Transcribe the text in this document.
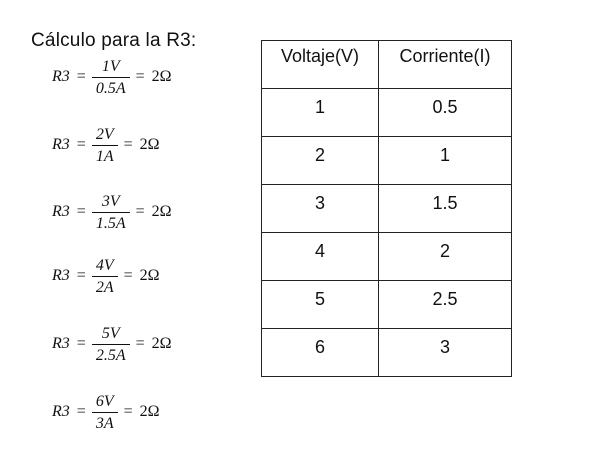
Cálculo para la R3:
$R3 = \frac{1V}{0.5A} = 2\Omega$
$R3 = \frac{2V}{1A} = 2\Omega$
$R3 = \frac{3V}{1.5A} = 2\Omega$
$R3 = \frac{4V}{2A} = 2\Omega$
$R3 = \frac{5V}{2.5A} = 2\Omega$
$R3 = \frac{6V}{3A} = 2\Omega$
Voltaje(V)	Corriente(I)
1	0.5
2	1
3	1.5
4	2
5	2.5
6	3
